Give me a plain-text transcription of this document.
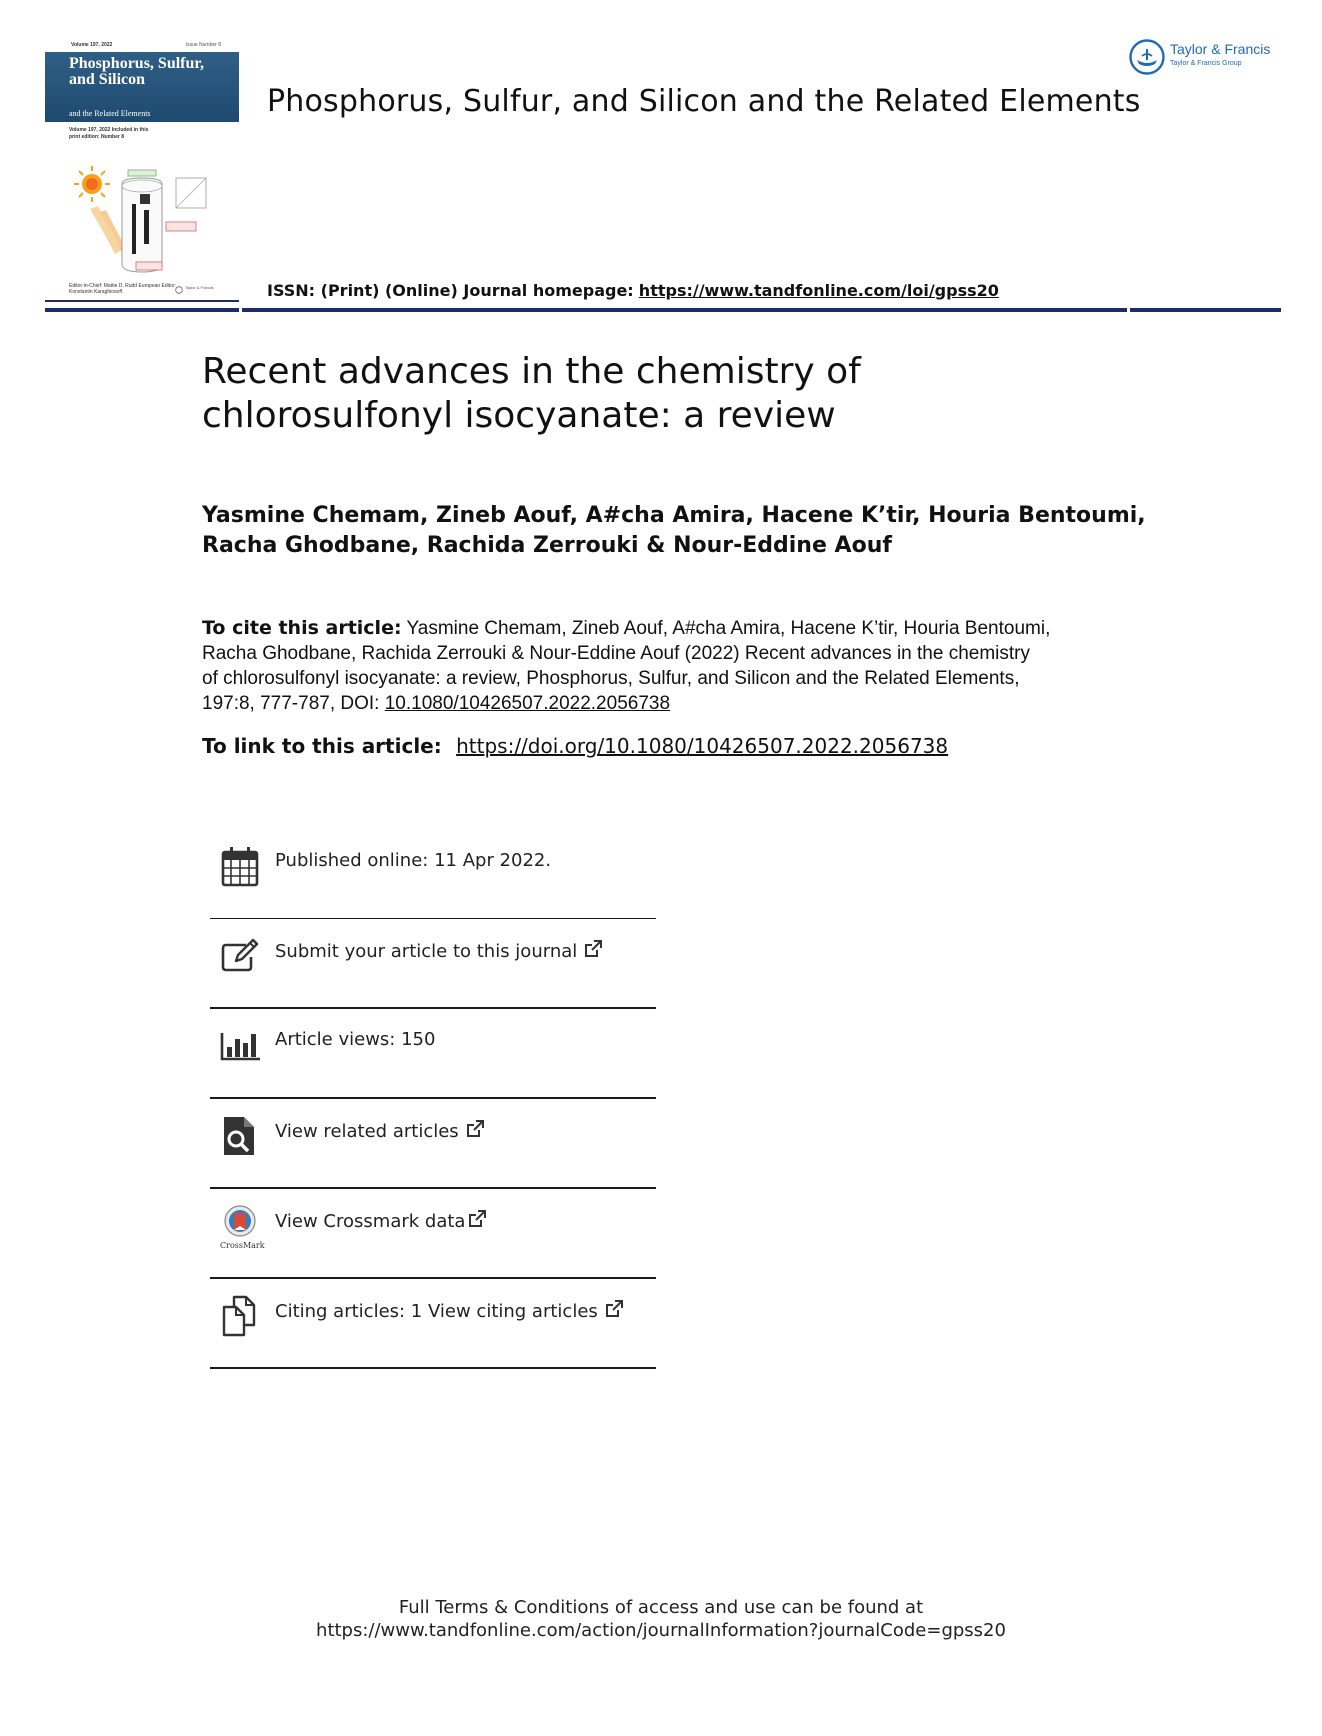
Volume 197, 2022	Issue Number 8
Phosphorus, Sulfur, and Silicon
and the Related Elements
Volume 197, 2022 Included in this print edition: Number 8
Editor-in-Chief: Mattie D. Rudd European Editor: Konstantin Karaghiosoff
Taylor & Francis
Taylor & Francis
Taylor & Francis Group
Phosphorus, Sulfur, and Silicon and the Related Elements
ISSN: (Print) (Online) Journal homepage: https://www.tandfonline.com/loi/gpss20
Recent advances in the chemistry of
chlorosulfonyl isocyanate: a review
Yasmine Chemam, Zineb Aouf, A#cha Amira, Hacene K’tir, Houria Bentoumi,
Racha Ghodbane, Rachida Zerrouki & Nour-Eddine Aouf
To cite this article: Yasmine Chemam, Zineb Aouf, A#cha Amira, Hacene K’tir, Houria Bentoumi,
Racha Ghodbane, Rachida Zerrouki & Nour-Eddine Aouf (2022) Recent advances in the chemistry
of chlorosulfonyl isocyanate: a review, Phosphorus, Sulfur, and Silicon and the Related Elements,
197:8, 777-787, DOI: 10.1080/10426507.2022.2056738
To link to this article: https://doi.org/10.1080/10426507.2022.2056738
Published online: 11 Apr 2022.
Submit your article to this journal
Article views: 150
View related articles
CrossMark
View Crossmark data
Citing articles: 1 View citing articles
Full Terms & Conditions of access and use can be found at
https://www.tandfonline.com/action/journalInformation?journalCode=gpss20
